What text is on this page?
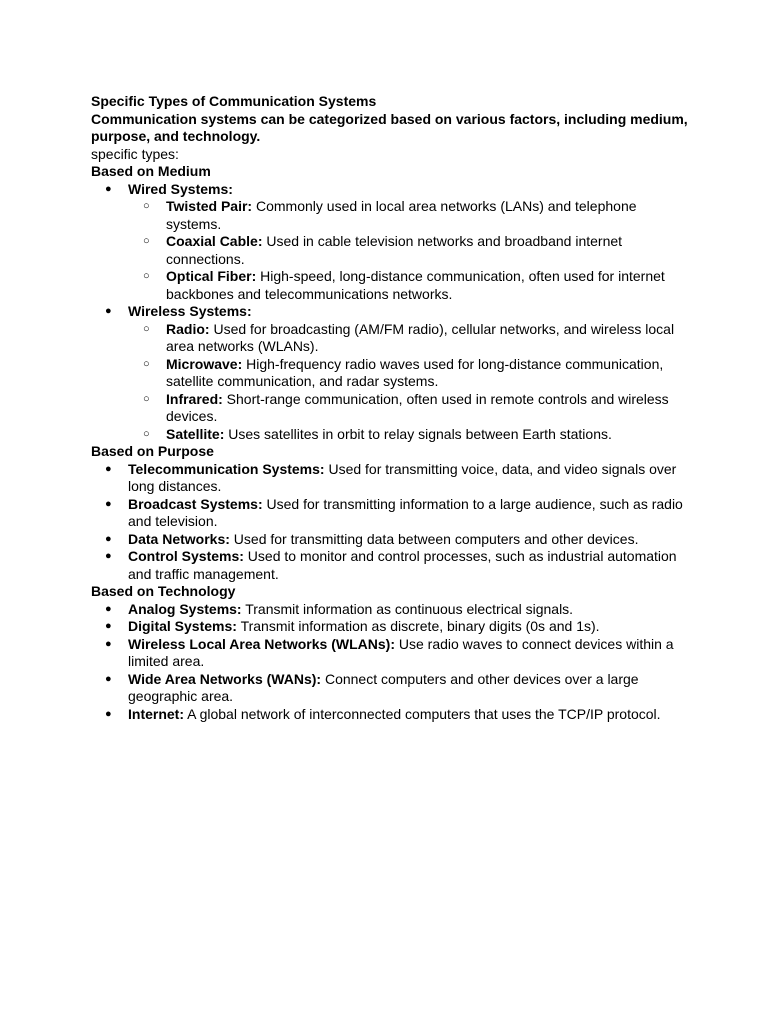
Specific Types of Communication Systems
Communication systems can be categorized based on various factors, including medium, purpose, and technology.
specific types:
Based on Medium
● Wired Systems:
○ Twisted Pair: Commonly used in local area networks (LANs) and telephone systems.
○ Coaxial Cable: Used in cable television networks and broadband internet connections.
○ Optical Fiber: High-speed, long-distance communication, often used for internet backbones and telecommunications networks.
● Wireless Systems:
○ Radio: Used for broadcasting (AM/FM radio), cellular networks, and wireless local area networks (WLANs).
○ Microwave: High-frequency radio waves used for long-distance communication, satellite communication, and radar systems.
○ Infrared: Short-range communication, often used in remote controls and wireless devices.
○ Satellite: Uses satellites in orbit to relay signals between Earth stations.
Based on Purpose
● Telecommunication Systems: Used for transmitting voice, data, and video signals over long distances.
● Broadcast Systems: Used for transmitting information to a large audience, such as radio and television.
● Data Networks: Used for transmitting data between computers and other devices.
● Control Systems: Used to monitor and control processes, such as industrial automation and traffic management.
Based on Technology
● Analog Systems: Transmit information as continuous electrical signals.
● Digital Systems: Transmit information as discrete, binary digits (0s and 1s).
● Wireless Local Area Networks (WLANs): Use radio waves to connect devices within a limited area.
● Wide Area Networks (WANs): Connect computers and other devices over a large geographic area.
● Internet: A global network of interconnected computers that uses the TCP/IP protocol.
